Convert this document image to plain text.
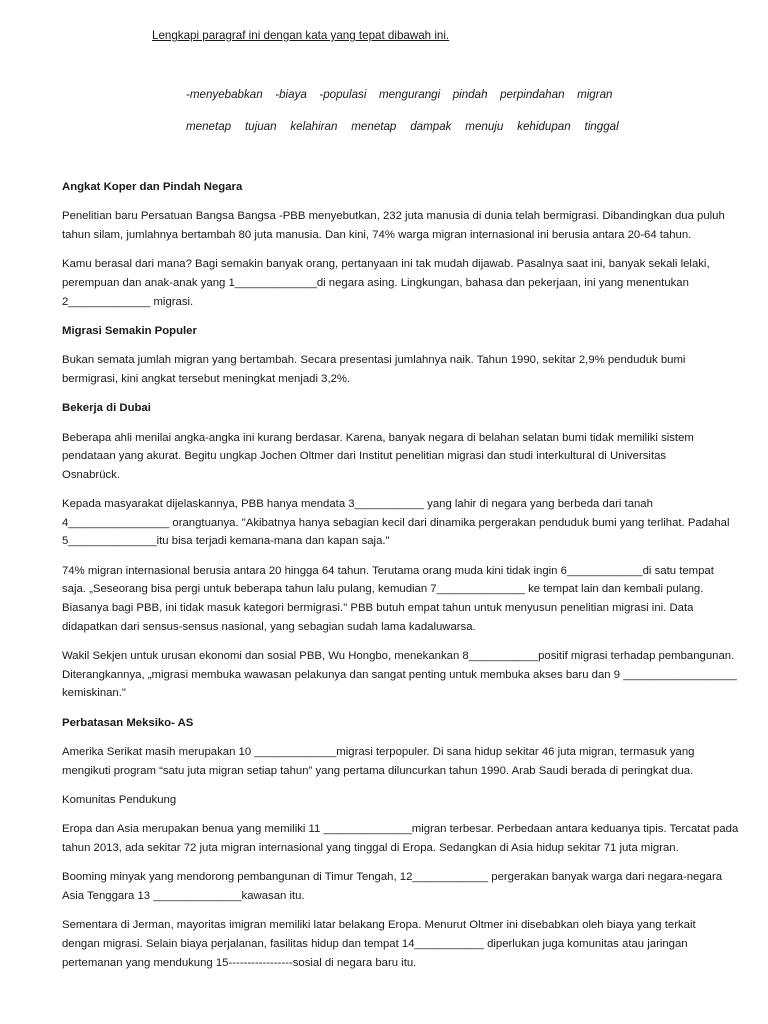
Lengkapi paragraf ini dengan kata yang tepat dibawah ini.
-menyebabkan -biaya -populasi mengurangi pindah perpindahan migran
menetap tujuan kelahiran menetap dampak menuju kehidupan tinggal
Angkat Koper dan Pindah Negara

Penelitian baru Persatuan Bangsa Bangsa -PBB menyebutkan, 232 juta manusia di dunia telah bermigrasi. Dibandingkan dua puluh
tahun silam, jumlahnya bertambah 80 juta manusia. Dan kini, 74% warga migran internasional ini berusia antara 20-64 tahun.

Kamu berasal dari mana? Bagi semakin banyak orang, pertanyaan ini tak mudah dijawab. Pasalnya saat ini, banyak sekali lelaki,
perempuan dan anak-anak yang 1_____________di negara asing. Lingkungan, bahasa dan pekerjaan, ini yang menentukan
2_____________ migrasi.

Migrasi Semakin Populer

Bukan semata jumlah migran yang bertambah. Secara presentasi jumlahnya naik. Tahun 1990, sekitar 2,9% penduduk bumi
bermigrasi, kini angkat tersebut meningkat menjadi 3,2%.

Bekerja di Dubai

Beberapa ahli menilai angka-angka ini kurang berdasar. Karena, banyak negara di belahan selatan bumi tidak memiliki sistem
pendataan yang akurat. Begitu ungkap Jochen Oltmer dari Institut penelitian migrasi dan studi interkultural di Universitas
Osnabrück.

Kepada masyarakat dijelaskannya, PBB hanya mendata 3___________ yang lahir di negara yang berbeda dari tanah
4________________ orangtuanya. "Akibatnya hanya sebagian kecil dari dinamika pergerakan penduduk bumi yang terlihat. Padahal
5______________itu bisa terjadi kemana-mana dan kapan saja."

74% migran internasional berusia antara 20 hingga 64 tahun. Terutama orang muda kini tidak ingin 6____________di satu tempat
saja. „Seseorang bisa pergi untuk beberapa tahun lalu pulang, kemudian 7______________ ke tempat lain dan kembali pulang.
Biasanya bagi PBB, ini tidak masuk kategori bermigrasi." PBB butuh empat tahun untuk menyusun penelitian migrasi ini. Data
didapatkan dari sensus-sensus nasional, yang sebagian sudah lama kadaluwarsa.

Wakil Sekjen untuk urusan ekonomi dan sosial PBB, Wu Hongbo, menekankan 8___________positif migrasi terhadap pembangunan.
Diterangkannya, „migrasi membuka wawasan pelakunya dan sangat penting untuk membuka akses baru dan 9 __________________
kemiskinan."

Perbatasan Meksiko- AS

Amerika Serikat masih merupakan 10 _____________migrasi terpopuler. Di sana hidup sekitar 46 juta migran, termasuk yang
mengikuti program “satu juta migran setiap tahun” yang pertama diluncurkan tahun 1990. Arab Saudi berada di peringkat dua.

Komunitas Pendukung

Eropa dan Asia merupakan benua yang memiliki 11 ______________migran terbesar. Perbedaan antara keduanya tipis. Tercatat pada
tahun 2013, ada sekitar 72 juta migran internasional yang tinggal di Eropa. Sedangkan di Asia hidup sekitar 71 juta migran.

Booming minyak yang mendorong pembangunan di Timur Tengah, 12____________ pergerakan banyak warga dari negara-negara
Asia Tenggara 13 ______________kawasan itu.

Sementara di Jerman, mayoritas imigran memiliki latar belakang Eropa. Menurut Oltmer ini disebabkan oleh biaya yang terkait
dengan migrasi. Selain biaya perjalanan, fasilitas hidup dan tempat 14___________ diperlukan juga komunitas atau jaringan
pertemanan yang mendukung 15-----------------sosial di negara baru itu.
